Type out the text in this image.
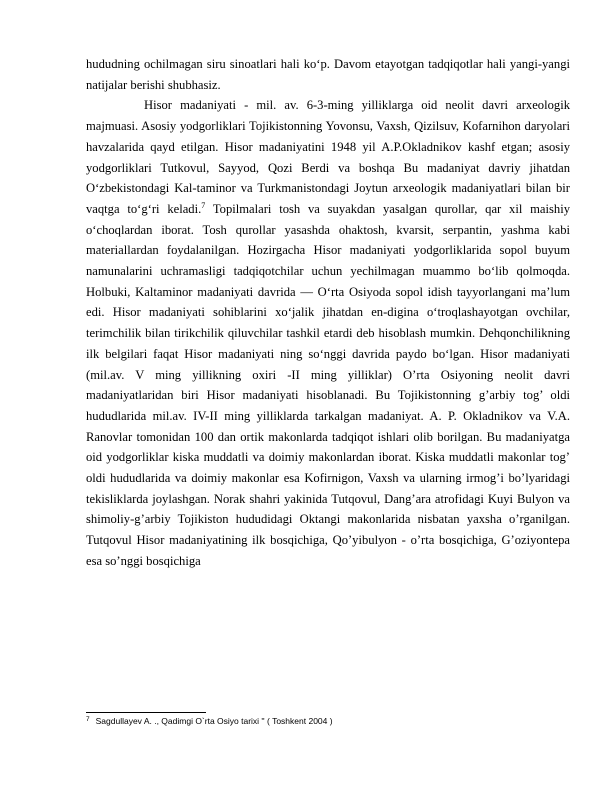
hududning ochilmagan siru sinoatlari hali ko‘p. Davom etayotgan tadqiqotlar hali yangi-yangi natijalar berishi shubhasiz.

Hisor madaniyati - mil. av. 6-3-ming yilliklarga oid neolit davri arxeologik majmuasi. Asosiy yodgorliklari Tojikistonning Yovonsu, Vaxsh, Qizilsuv, Kofarnihon daryolari havzalarida qayd etilgan. Hisor madaniyatini 1948 yil A.P.Okladnikov kashf etgan; asosiy yodgorliklari Tutkovul, Sayyod, Qozi Berdi va boshqa Bu madaniyat davriy jihatdan O‘zbekistondagi Kal-taminor va Turkmanistondagi Joytun arxeologik madaniyatlari bilan bir vaqtga to‘g‘ri keladi.$^7$ Topilmalari tosh va suyakdan yasalgan qurollar, qar xil maishiy o‘choqlardan iborat. Tosh qurollar yasashda ohaktosh, kvarsit, serpantin, yashma kabi materiallardan foydalanilgan. Hozirgacha Hisor madaniyati yodgorliklarida sopol buyum namunalarini uchramasligi tadqiqotchilar uchun yechilmagan muammo bo‘lib qolmoqda. Holbuki, Kaltaminor madaniyati davrida — O‘rta Osiyoda sopol idish tayyorlangani ma’lum edi. Hisor madaniyati sohiblarini xo‘jalik jihatdan en-digina o‘troqlashayotgan ovchilar, terimchilik bilan tirikchilik qiluvchilar tashkil etardi deb hisoblash mumkin. Dehqonchilikning ilk belgilari faqat Hisor madaniyati ning so‘nggi davrida paydo bo‘lgan. Hisor madaniyati (mil.av. V ming yillikning oxiri -II ming yilliklar) O’rta Osiyoning neolit davri madaniyatlaridan biri Hisor madaniyati hisoblanadi. Bu Tojikistonning g’arbiy tog’ oldi hududlarida mil.av. IV-II ming yilliklarda tarkalgan madaniyat. A. P. Okladnikov va V.A. Ranovlar tomonidan 100 dan ortik makonlarda tadqiqot ishlari olib borilgan. Bu madaniyatga oid yodgorliklar kiska muddatli va doimiy makonlardan iborat. Kiska muddatli makonlar tog’ oldi hududlarida va doimiy makonlar esa Kofirnigon, Vaxsh va ularning irmog’i bo’lyaridagi tekisliklarda joylashgan. Norak shahri yakinida Tutqovul, Dang’ara atrofidagi Kuyi Bulyon va shimoliy-g’arbiy Tojikiston hududidagi Oktangi makonlarida nisbatan yaxsha o’rganilgan. Tutqovul Hisor madaniyatining ilk bosqichiga, Qo’yibulyon - o’rta bosqichiga, G’oziyontepa esa so’nggi bosqichiga

$^7$ Sagdullayev A. ., Qadimgi O`rta Osiyo tarixi '' ( Toshkent 2004 )
